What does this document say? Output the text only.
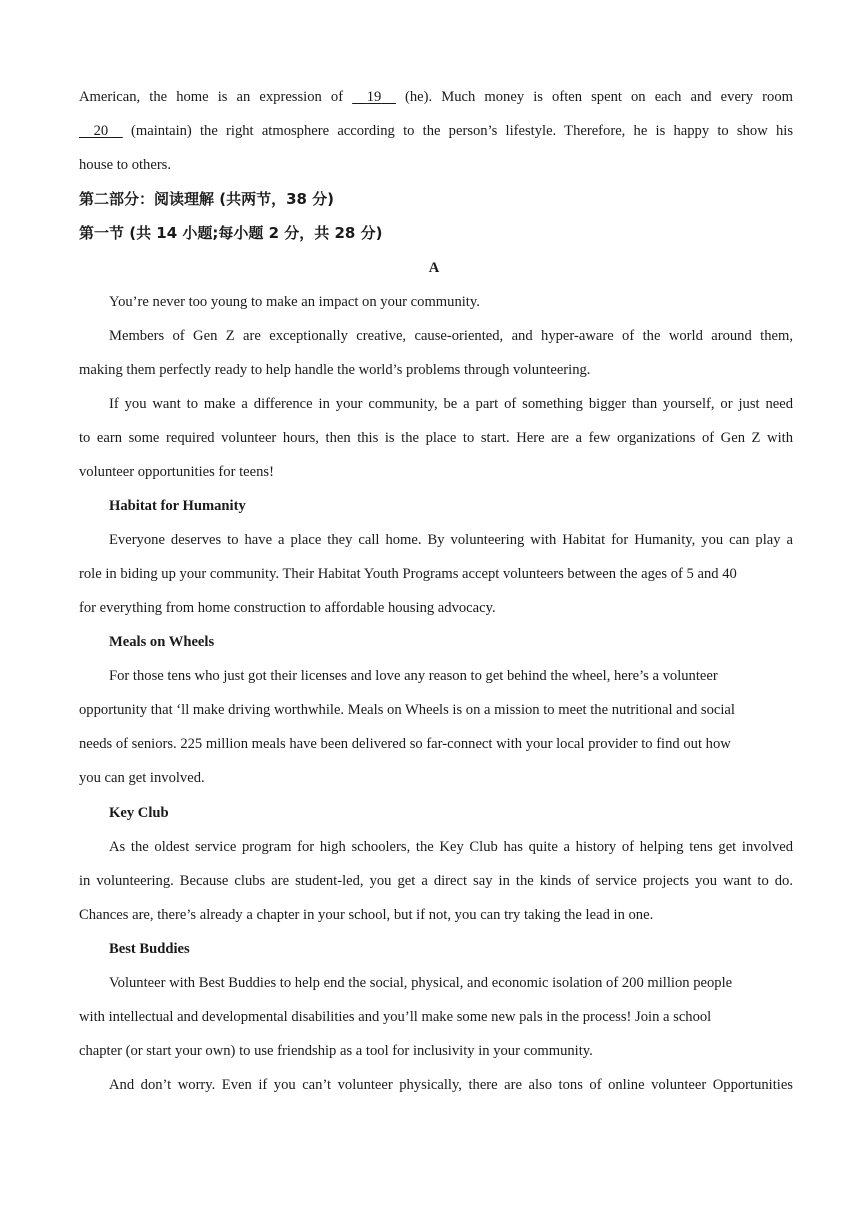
American, the home is an expression of     19     (he). Much money is often spent on each and every room
20     (maintain) the right atmosphere according to the person’s lifestyle. Therefore, he is happy to show his
house to others.
第二部分：阅读理解 (共两节，38 分)
第一节 (共 14 小题;每小题 2 分，共 28 分)
A
You’re never too young to make an impact on your community.
Members of Gen Z are exceptionally creative, cause-oriented, and hyper-aware of the world around them,
making them perfectly ready to help handle the world’s problems through volunteering.
If you want to make a difference in your community, be a part of something bigger than yourself, or just need
to earn some required volunteer hours, then this is the place to start. Here are a few organizations of Gen Z with
volunteer opportunities for teens!
Habitat for Humanity
Everyone deserves to have a place they call home. By volunteering with Habitat for Humanity, you can play a
role in biding up your community. Their Habitat Youth Programs accept volunteers between the ages of 5 and 40
for everything from home construction to affordable housing advocacy.
Meals on Wheels
For those tens who just got their licenses and love any reason to get behind the wheel, here’s a volunteer
opportunity that ‘ll make driving worthwhile. Meals on Wheels is on a mission to meet the nutritional and social
needs of seniors. 225 million meals have been delivered so far-connect with your local provider to find out how
you can get involved.
Key Club
As the oldest service program for high schoolers, the Key Club has quite a history of helping tens get involved
in volunteering. Because clubs are student-led, you get a direct say in the kinds of service projects you want to do.
Chances are, there’s already a chapter in your school, but if not, you can try taking the lead in one.
Best Buddies
Volunteer with Best Buddies to help end the social, physical, and economic isolation of 200 million people
with intellectual and developmental disabilities and you’ll make some new pals in the process! Join a school
chapter (or start your own) to use friendship as a tool for inclusivity in your community.
And don’t worry. Even if you can’t volunteer physically, there are also tons of online volunteer Opportunities
